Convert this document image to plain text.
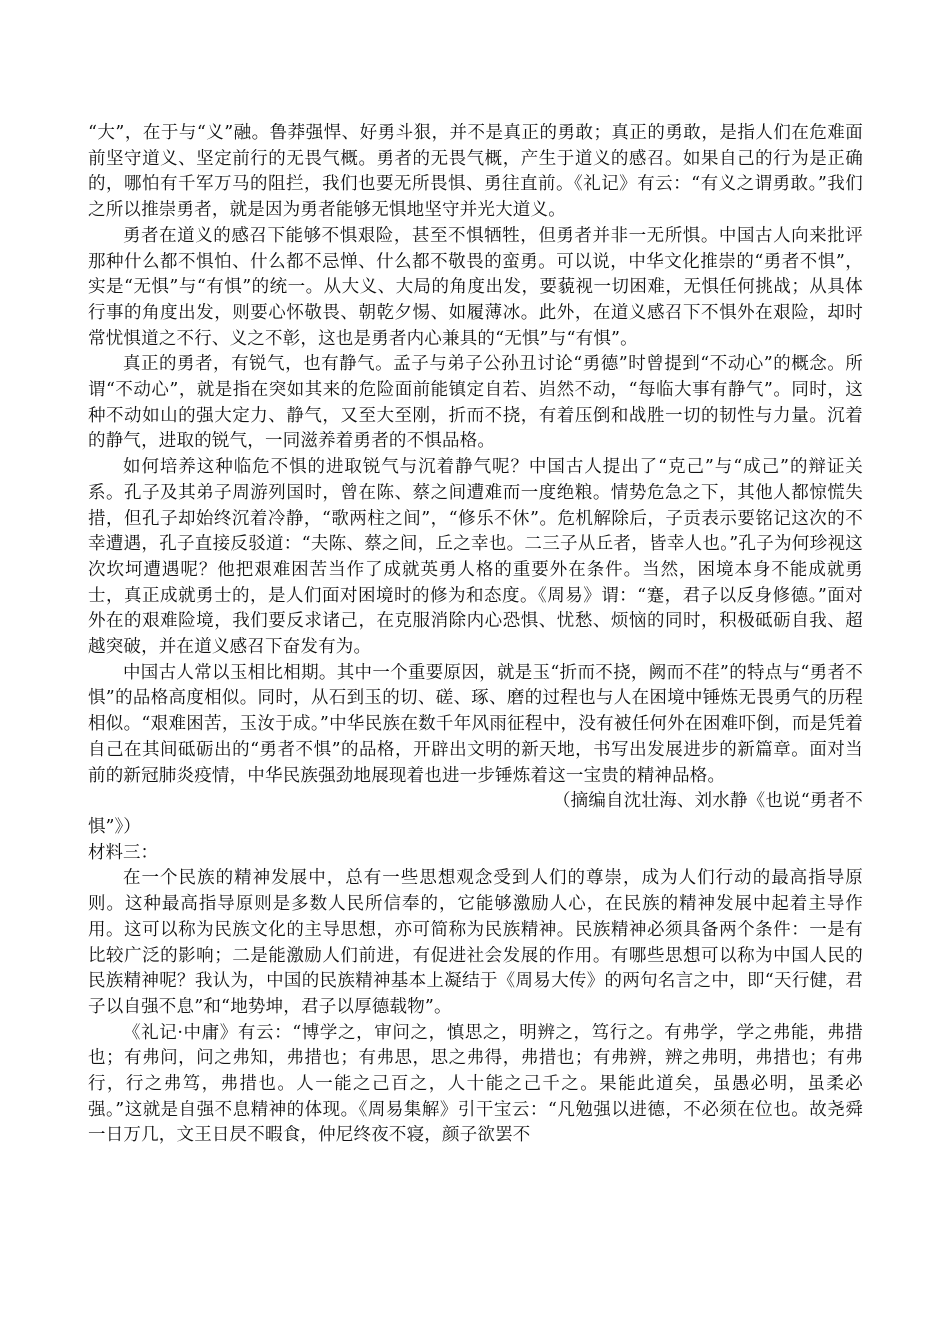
“大”，在于与“义”融。鲁莽强悍、好勇斗狠，并不是真正的勇敢；真正的勇敢，是指人们在危难面前坚守道义、坚定前行的无畏气概。勇者的无畏气概，产生于道义的感召。如果自己的行为是正确的，哪怕有千军万马的阻拦，我们也要无所畏惧、勇往直前。《礼记》有云：“有义之谓勇敢。”我们之所以推崇勇者，就是因为勇者能够无惧地坚守并光大道义。

勇者在道义的感召下能够不惧艰险，甚至不惧牺牲，但勇者并非一无所惧。中国古人向来批评那种什么都不惧怕、什么都不忌惮、什么都不敬畏的蛮勇。可以说，中华文化推崇的“勇者不惧”，实是“无惧”与“有惧”的统一。从大义、大局的角度出发，要藐视一切困难，无惧任何挑战；从具体行事的角度出发，则要心怀敬畏、朝乾夕惕、如履薄冰。此外，在道义感召下不惧外在艰险，却时常忧惧道之不行、义之不彰，这也是勇者内心兼具的“无惧”与“有惧”。

真正的勇者，有锐气，也有静气。孟子与弟子公孙丑讨论“勇德”时曾提到“不动心”的概念。所谓“不动心”，就是指在突如其来的危险面前能镇定自若、岿然不动，“每临大事有静气”。同时，这种不动如山的强大定力、静气，又至大至刚，折而不挠，有着压倒和战胜一切的韧性与力量。沉着的静气，进取的锐气，一同滋养着勇者的不惧品格。

如何培养这种临危不惧的进取锐气与沉着静气呢？中国古人提出了“克己”与“成己”的辩证关系。孔子及其弟子周游列国时，曾在陈、蔡之间遭难而一度绝粮。情势危急之下，其他人都惊慌失措，但孔子却始终沉着冷静，“歌两柱之间”，“修乐不休”。危机解除后，子贡表示要铭记这次的不幸遭遇，孔子直接反驳道：“夫陈、蔡之间，丘之幸也。二三子从丘者，皆幸人也。”孔子为何珍视这次坎坷遭遇呢？他把艰难困苦当作了成就英勇人格的重要外在条件。当然，困境本身不能成就勇士，真正成就勇士的，是人们面对困境时的修为和态度。《周易》谓：“蹇，君子以反身修德。”面对外在的艰难险境，我们要反求诸己，在克服消除内心恐惧、忧愁、烦恼的同时，积极砥砺自我、超越突破，并在道义感召下奋发有为。

中国古人常以玉相比相期。其中一个重要原因，就是玉“折而不挠，阙而不荏”的特点与“勇者不惧”的品格高度相似。同时，从石到玉的切、磋、琢、磨的过程也与人在困境中锤炼无畏勇气的历程相似。“艰难困苦，玉汝于成。”中华民族在数千年风雨征程中，没有被任何外在困难吓倒，而是凭着自己在其间砥砺出的“勇者不惧”的品格，开辟出文明的新天地，书写出发展进步的新篇章。面对当前的新冠肺炎疫情，中华民族强劲地展现着也进一步锤炼着这一宝贵的精神品格。

（摘编自沈壮海、刘水静《也说“勇者不

惧”》）

材料三：

在一个民族的精神发展中，总有一些思想观念受到人们的尊崇，成为人们行动的最高指导原则。这种最高指导原则是多数人民所信奉的，它能够激励人心，在民族的精神发展中起着主导作用。这可以称为民族文化的主导思想，亦可简称为民族精神。民族精神必须具备两个条件：一是有比较广泛的影响；二是能激励人们前进，有促进社会发展的作用。有哪些思想可以称为中国人民的民族精神呢？我认为，中国的民族精神基本上凝结于《周易大传》的两句名言之中，即“天行健，君子以自强不息”和“地势坤，君子以厚德载物”。

《礼记·中庸》有云：“博学之，审问之，慎思之，明辨之，笃行之。有弗学，学之弗能，弗措也；有弗问，问之弗知，弗措也；有弗思，思之弗得，弗措也；有弗辨，辨之弗明，弗措也；有弗行，行之弗笃，弗措也。人一能之己百之，人十能之己千之。果能此道矣，虽愚必明，虽柔必强。”这就是自强不息精神的体现。《周易集解》引干宝云：“凡勉强以进德，不必须在位也。故尧舜一日万几，文王日昃不暇食，仲尼终夜不寝，颜子欲罢不
